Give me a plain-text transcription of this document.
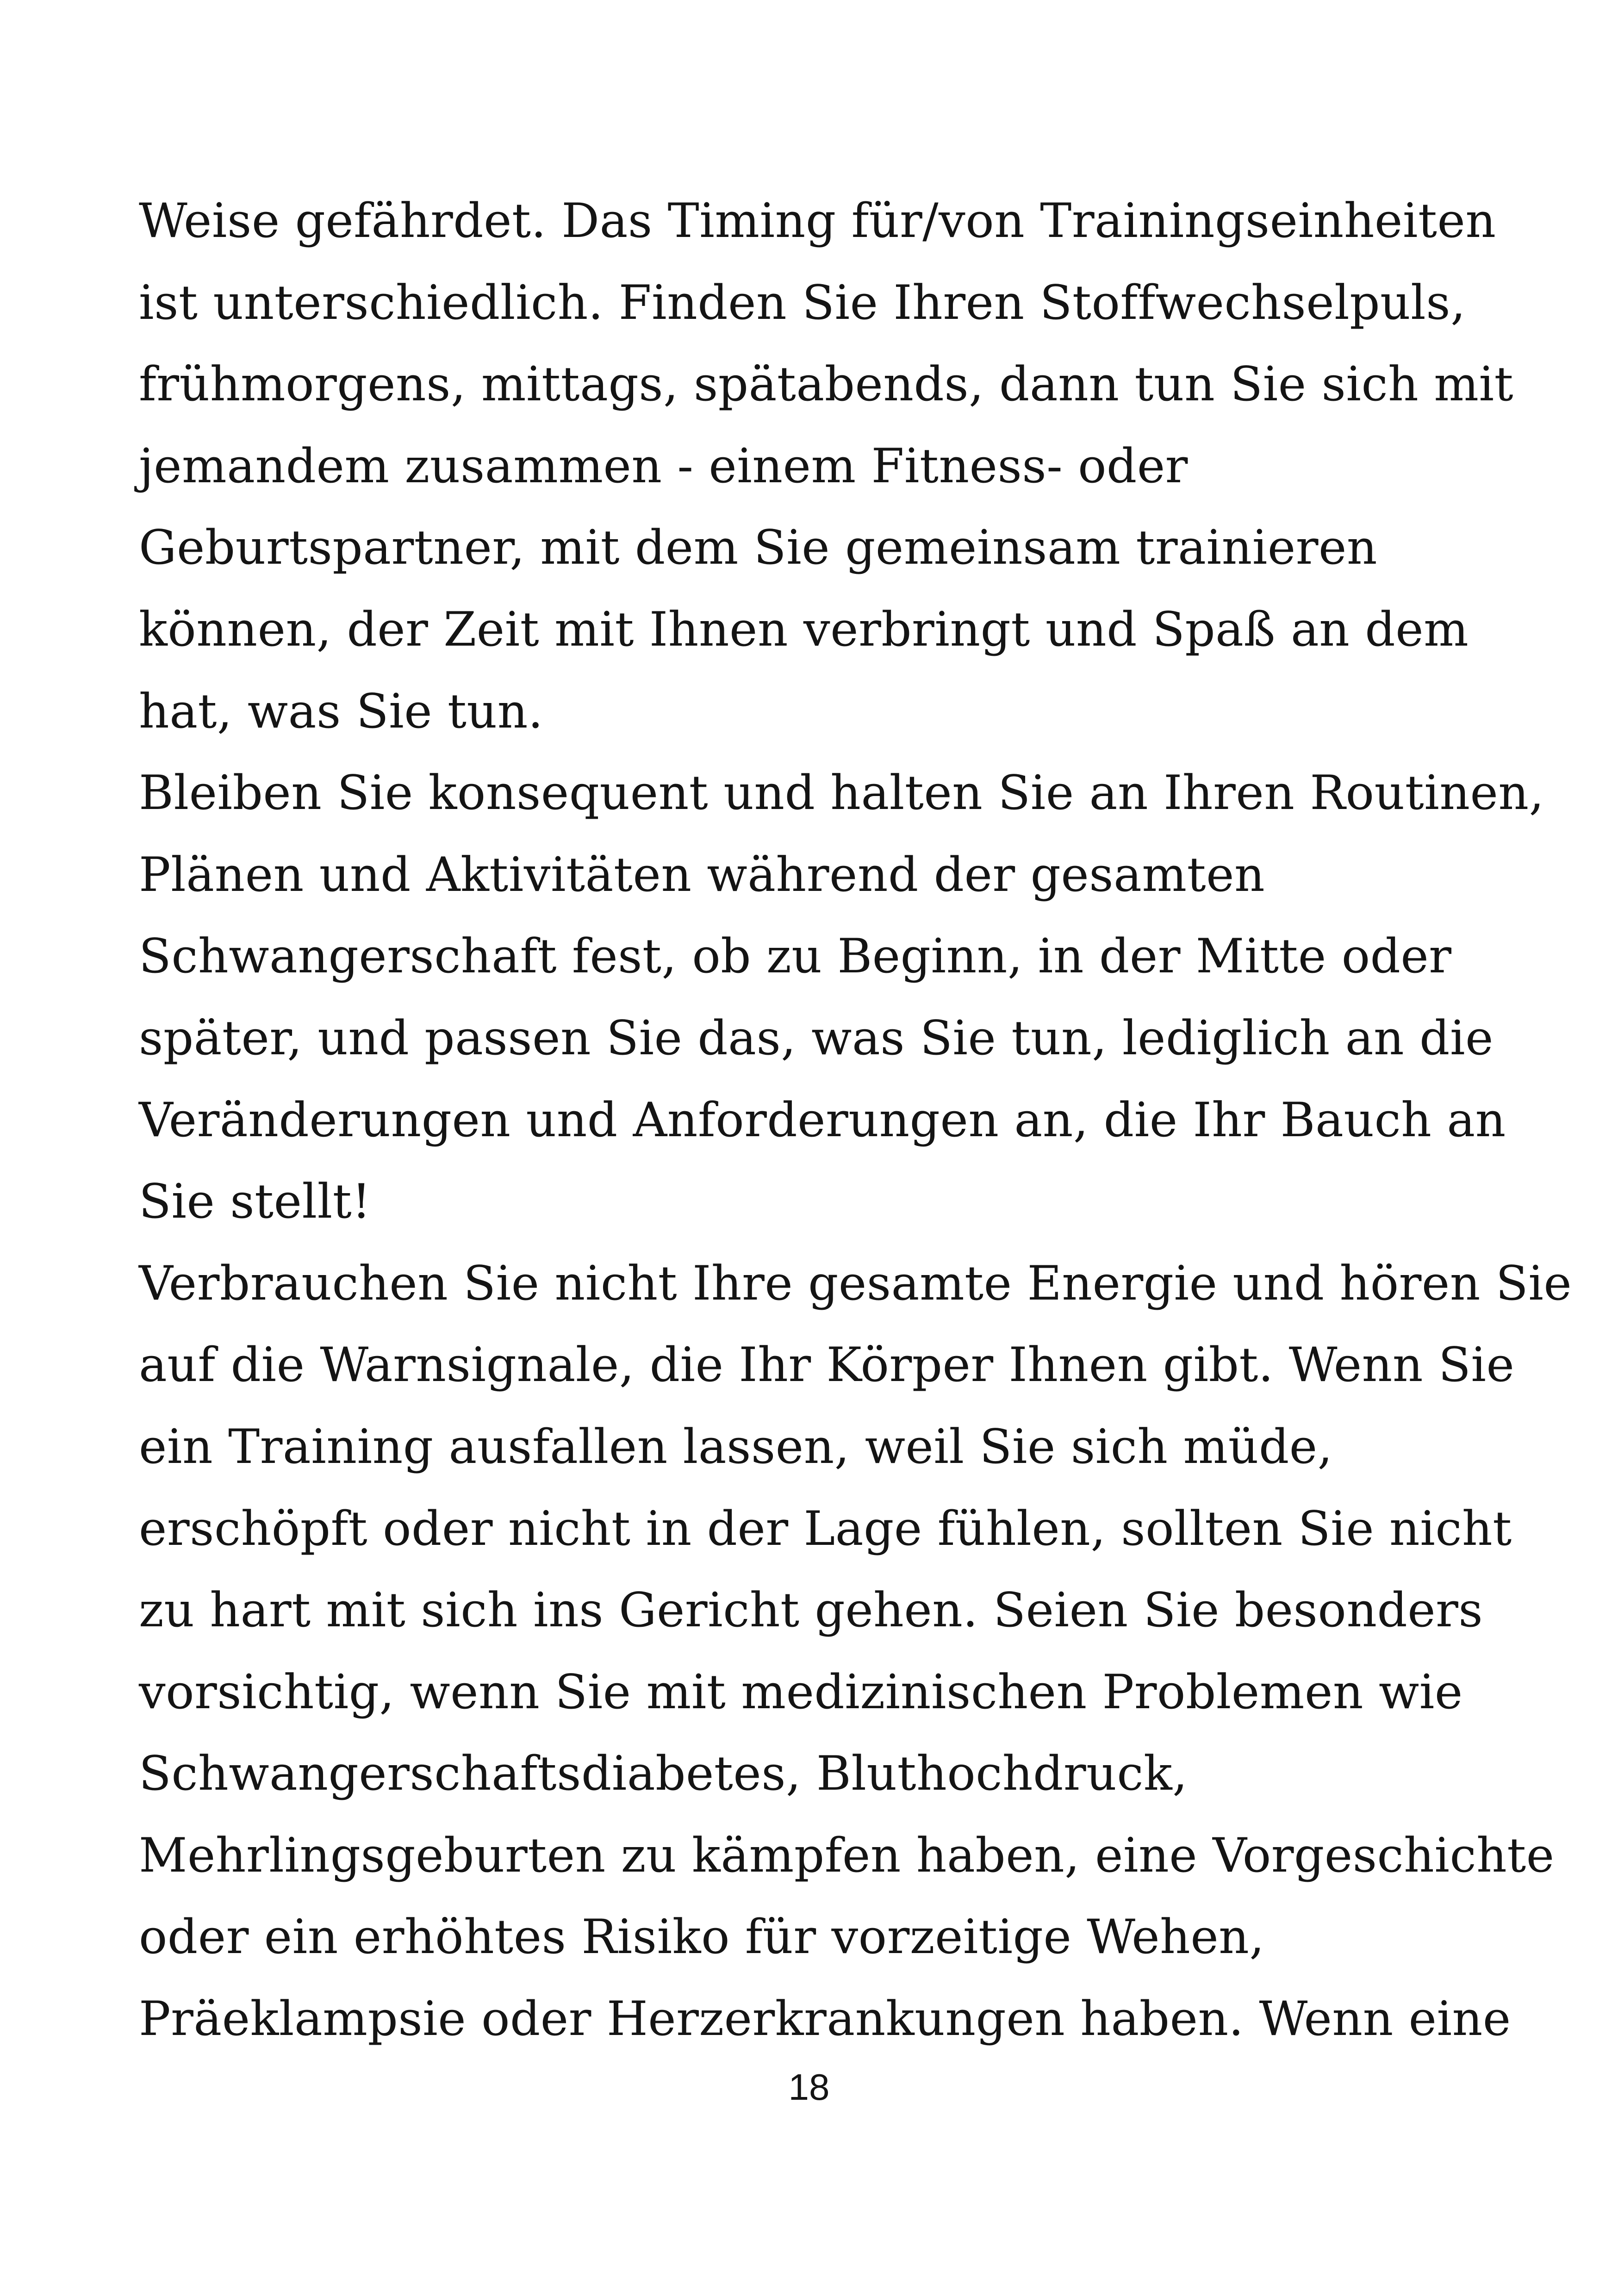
Weise gefährdet. Das Timing für/von Trainingseinheiten
ist unterschiedlich. Finden Sie Ihren Stoffwechselpuls,
frühmorgens, mittags, spätabends, dann tun Sie sich mit
jemandem zusammen - einem Fitness- oder
Geburtspartner, mit dem Sie gemeinsam trainieren
können, der Zeit mit Ihnen verbringt und Spaß an dem
hat, was Sie tun.
Bleiben Sie konsequent und halten Sie an Ihren Routinen,
Plänen und Aktivitäten während der gesamten
Schwangerschaft fest, ob zu Beginn, in der Mitte oder
später, und passen Sie das, was Sie tun, lediglich an die
Veränderungen und Anforderungen an, die Ihr Bauch an
Sie stellt!
Verbrauchen Sie nicht Ihre gesamte Energie und hören Sie
auf die Warnsignale, die Ihr Körper Ihnen gibt. Wenn Sie
ein Training ausfallen lassen, weil Sie sich müde,
erschöpft oder nicht in der Lage fühlen, sollten Sie nicht
zu hart mit sich ins Gericht gehen. Seien Sie besonders
vorsichtig, wenn Sie mit medizinischen Problemen wie
Schwangerschaftsdiabetes, Bluthochdruck,
Mehrlingsgeburten zu kämpfen haben, eine Vorgeschichte
oder ein erhöhtes Risiko für vorzeitige Wehen,
Präeklampsie oder Herzerkrankungen haben. Wenn eine
18
